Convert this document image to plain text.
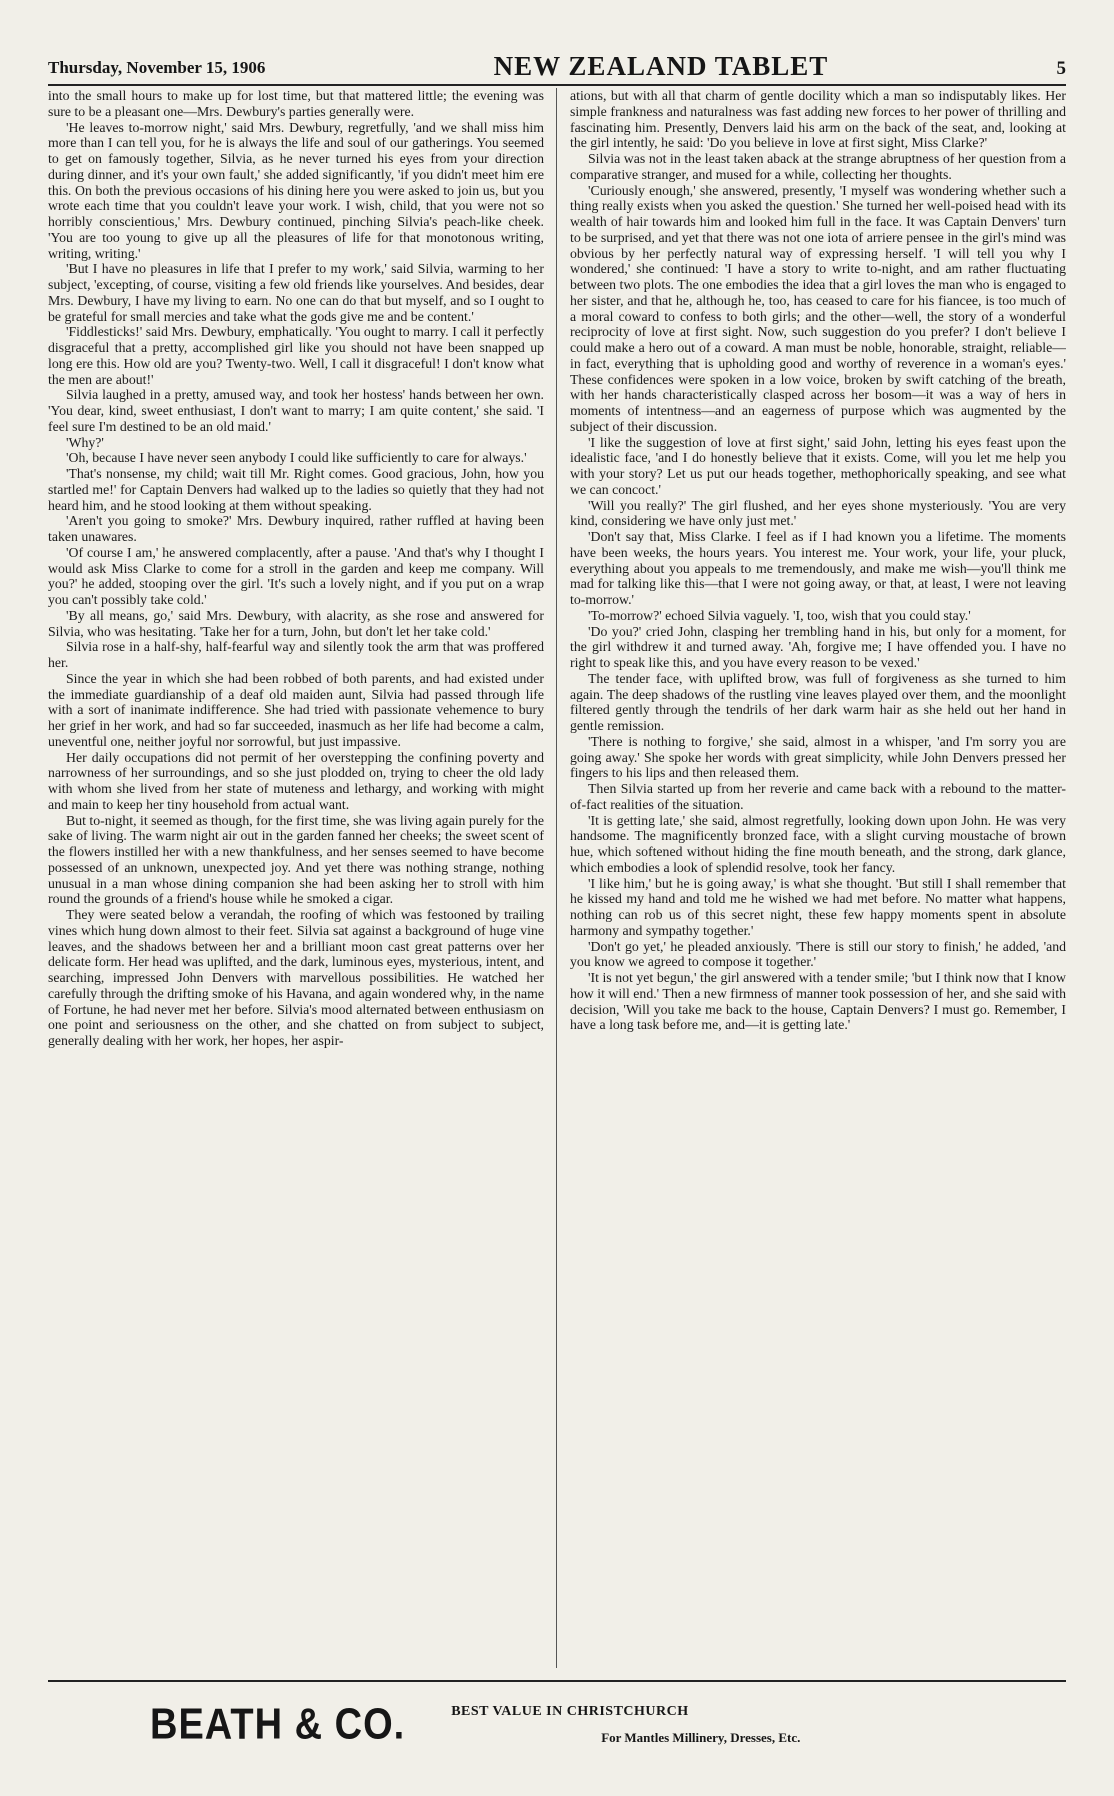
Thursday, November 15, 1906	NEW ZEALAND TABLET	5

into the small hours to make up for lost time, but that mattered little; the evening was sure to be a pleasant one—Mrs. Dewbury's parties generally were.

'He leaves to-morrow night,' said Mrs. Dewbury, regretfully, 'and we shall miss him more than I can tell you, for he is always the life and soul of our gatherings. You seemed to get on famously together, Silvia, as he never turned his eyes from your direction during dinner, and it's your own fault,' she added significantly, 'if you didn't meet him ere this. On both the previous occasions of his dining here you were asked to join us, but you wrote each time that you couldn't leave your work. I wish, child, that you were not so horribly conscientious,' Mrs. Dewbury continued, pinching Silvia's peach-like cheek. 'You are too young to give up all the pleasures of life for that monotonous writing, writing, writing.'

'But I have no pleasures in life that I prefer to my work,' said Silvia, warming to her subject, 'excepting, of course, visiting a few old friends like yourselves. And besides, dear Mrs. Dewbury, I have my living to earn. No one can do that but myself, and so I ought to be grateful for small mercies and take what the gods give me and be content.'

'Fiddlesticks!' said Mrs. Dewbury, emphatically. 'You ought to marry. I call it perfectly disgraceful that a pretty, accomplished girl like you should not have been snapped up long ere this. How old are you? Twenty-two. Well, I call it disgraceful! I don't know what the men are about!'

Silvia laughed in a pretty, amused way, and took her hostess' hands between her own. 'You dear, kind, sweet enthusiast, I don't want to marry; I am quite content,' she said. 'I feel sure I'm destined to be an old maid.'

'Why?'

'Oh, because I have never seen anybody I could like sufficiently to care for always.'

'That's nonsense, my child; wait till Mr. Right comes. Good gracious, John, how you startled me!' for Captain Denvers had walked up to the ladies so quietly that they had not heard him, and he stood looking at them without speaking.

'Aren't you going to smoke?' Mrs. Dewbury inquired, rather ruffled at having been taken unawares.

'Of course I am,' he answered complacently, after a pause. 'And that's why I thought I would ask Miss Clarke to come for a stroll in the garden and keep me company. Will you?' he added, stooping over the girl. 'It's such a lovely night, and if you put on a wrap you can't possibly take cold.'

'By all means, go,' said Mrs. Dewbury, with alacrity, as she rose and answered for Silvia, who was hesitating. 'Take her for a turn, John, but don't let her take cold.'

Silvia rose in a half-shy, half-fearful way and silently took the arm that was proffered her.

Since the year in which she had been robbed of both parents, and had existed under the immediate guardianship of a deaf old maiden aunt, Silvia had passed through life with a sort of inanimate indifference. She had tried with passionate vehemence to bury her grief in her work, and had so far succeeded, inasmuch as her life had become a calm, uneventful one, neither joyful nor sorrowful, but just impassive.

Her daily occupations did not permit of her overstepping the confining poverty and narrowness of her surroundings, and so she just plodded on, trying to cheer the old lady with whom she lived from her state of muteness and lethargy, and working with might and main to keep her tiny household from actual want.

But to-night, it seemed as though, for the first time, she was living again purely for the sake of living. The warm night air out in the garden fanned her cheeks; the sweet scent of the flowers instilled her with a new thankfulness, and her senses seemed to have become possessed of an unknown, unexpected joy. And yet there was nothing strange, nothing unusual in a man whose dining companion she had been asking her to stroll with him round the grounds of a friend's house while he smoked a cigar.

They were seated below a verandah, the roofing of which was festooned by trailing vines which hung down almost to their feet. Silvia sat against a background of huge vine leaves, and the shadows between her and a brilliant moon cast great patterns over her delicate form. Her head was uplifted, and the dark, luminous eyes, mysterious, intent, and searching, impressed John Denvers with marvellous possibilities. He watched her carefully through the drifting smoke of his Havana, and again wondered why, in the name of Fortune, he had never met her before. Silvia's mood alternated between enthusiasm on one point and seriousness on the other, and she chatted on from subject to subject, generally dealing with her work, her hopes, her aspir-

ations, but with all that charm of gentle docility which a man so indisputably likes. Her simple frankness and naturalness was fast adding new forces to her power of thrilling and fascinating him. Presently, Denvers laid his arm on the back of the seat, and, looking at the girl intently, he said: 'Do you believe in love at first sight, Miss Clarke?'

Silvia was not in the least taken aback at the strange abruptness of her question from a comparative stranger, and mused for a while, collecting her thoughts.

'Curiously enough,' she answered, presently, 'I myself was wondering whether such a thing really exists when you asked the question.' She turned her well-poised head with its wealth of hair towards him and looked him full in the face. It was Captain Denvers' turn to be surprised, and yet that there was not one iota of arriere pensee in the girl's mind was obvious by her perfectly natural way of expressing herself. 'I will tell you why I wondered,' she continued: 'I have a story to write to-night, and am rather fluctuating between two plots. The one embodies the idea that a girl loves the man who is engaged to her sister, and that he, although he, too, has ceased to care for his fiancee, is too much of a moral coward to confess to both girls; and the other—well, the story of a wonderful reciprocity of love at first sight. Now, such suggestion do you prefer? I don't believe I could make a hero out of a coward. A man must be noble, honorable, straight, reliable—in fact, everything that is upholding good and worthy of reverence in a woman's eyes.' These confidences were spoken in a low voice, broken by swift catching of the breath, with her hands characteristically clasped across her bosom—it was a way of hers in moments of intentness—and an eagerness of purpose which was augmented by the subject of their discussion.

'I like the suggestion of love at first sight,' said John, letting his eyes feast upon the idealistic face, 'and I do honestly believe that it exists. Come, will you let me help you with your story? Let us put our heads together, methophorically speaking, and see what we can concoct.'

'Will you really?' The girl flushed, and her eyes shone mysteriously. 'You are very kind, considering we have only just met.'

'Don't say that, Miss Clarke. I feel as if I had known you a lifetime. The moments have been weeks, the hours years. You interest me. Your work, your life, your pluck, everything about you appeals to me tremendously, and make me wish—you'll think me mad for talking like this—that I were not going away, or that, at least, I were not leaving to-morrow.'

'To-morrow?' echoed Silvia vaguely. 'I, too, wish that you could stay.'

'Do you?' cried John, clasping her trembling hand in his, but only for a moment, for the girl withdrew it and turned away. 'Ah, forgive me; I have offended you. I have no right to speak like this, and you have every reason to be vexed.'

The tender face, with uplifted brow, was full of forgiveness as she turned to him again. The deep shadows of the rustling vine leaves played over them, and the moonlight filtered gently through the tendrils of her dark warm hair as she held out her hand in gentle remission.

'There is nothing to forgive,' she said, almost in a whisper, 'and I'm sorry you are going away.' She spoke her words with great simplicity, while John Denvers pressed her fingers to his lips and then released them.

Then Silvia started up from her reverie and came back with a rebound to the matter-of-fact realities of the situation.

'It is getting late,' she said, almost regretfully, looking down upon John. He was very handsome. The magnificently bronzed face, with a slight curving moustache of brown hue, which softened without hiding the fine mouth beneath, and the strong, dark glance, which embodies a look of splendid resolve, took her fancy.

'I like him,' but he is going away,' is what she thought. 'But still I shall remember that he kissed my hand and told me he wished we had met before. No matter what happens, nothing can rob us of this secret night, these few happy moments spent in absolute harmony and sympathy together.'

'Don't go yet,' he pleaded anxiously. 'There is still our story to finish,' he added, 'and you know we agreed to compose it together.'

'It is not yet begun,' the girl answered with a tender smile; 'but I think now that I know how it will end.' Then a new firmness of manner took possession of her, and she said with decision, 'Will you take me back to the house, Captain Denvers? I must go. Remember, I have a long task before me, and—it is getting late.'

BEATH & CO.	BEST VALUE IN CHRISTCHURCH
For Mantles Millinery, Dresses, Etc.
